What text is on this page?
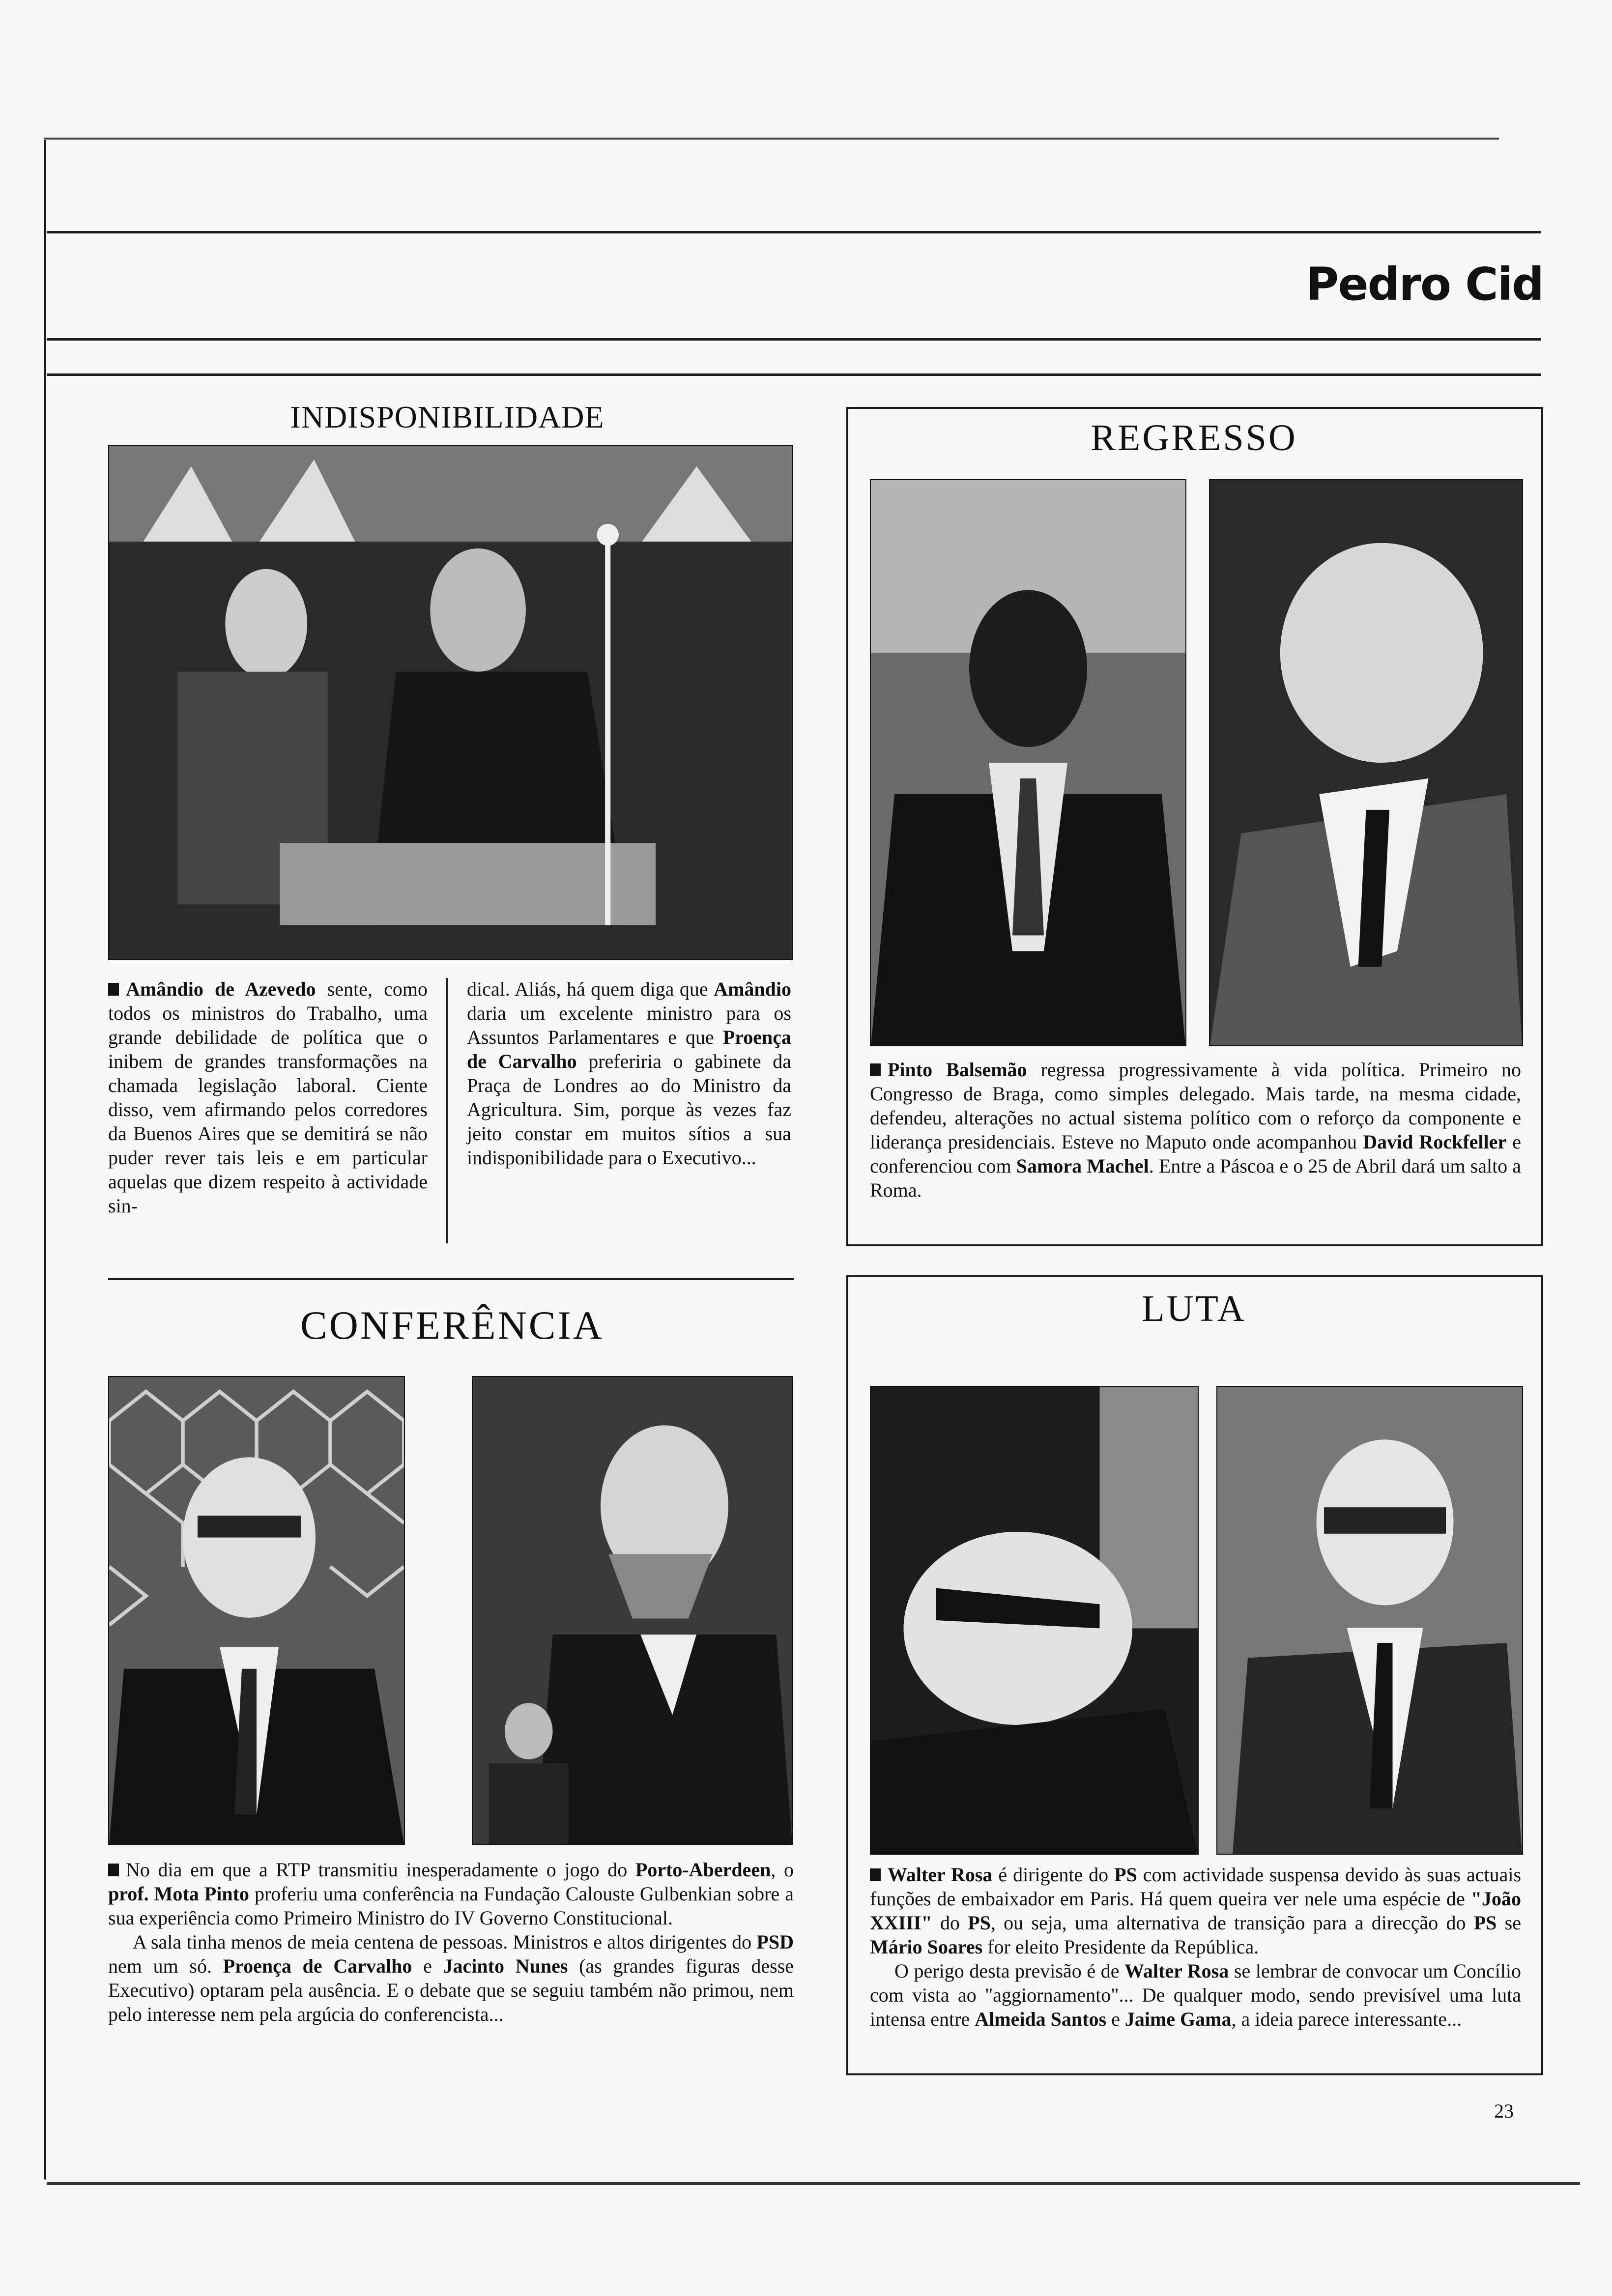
Pedro Cid
INDISPONIBILIDADE

Amândio de Azevedo sente, como todos os ministros do Trabalho, uma grande debilidade de política que o inibem de grandes transformações na chamada legislação laboral. Ciente disso, vem afirmando pelos corredores da Buenos Aires que se demitirá se não puder rever tais leis e em particular aquelas que dizem respeito à actividade sin-

dical. Aliás, há quem diga que Amândio daria um excelente ministro para os Assuntos Parlamentares e que Proença de Carvalho preferiria o gabinete da Praça de Londres ao do Ministro da Agricultura. Sim, porque às vezes faz jeito constar em muitos sítios a sua indisponibilidade para o Executivo...

REGRESSO

Pinto Balsemão regressa progressivamente à vida política. Primeiro no Congresso de Braga, como simples delegado. Mais tarde, na mesma cidade, defendeu, alterações no actual sistema político com o reforço da componente e liderança presidenciais. Esteve no Maputo onde acompanhou David Rockfeller e conferenciou com Samora Machel. Entre a Páscoa e o 25 de Abril dará um salto a Roma.

CONFERÊNCIA

No dia em que a RTP transmitiu inesperadamente o jogo do Porto-Aberdeen, o prof. Mota Pinto proferiu uma conferência na Fundação Calouste Gulbenkian sobre a sua experiência como Primeiro Ministro do IV Governo Constitucional.

A sala tinha menos de meia centena de pessoas. Ministros e altos dirigentes do PSD nem um só. Proença de Carvalho e Jacinto Nunes (as grandes figuras desse Executivo) optaram pela ausência. E o debate que se seguiu também não primou, nem pelo interesse nem pela argúcia do conferencista...

LUTA

Walter Rosa é dirigente do PS com actividade suspensa devido às suas actuais funções de embaixador em Paris. Há quem queira ver nele uma espécie de "João XXIII" do PS, ou seja, uma alternativa de transição para a direcção do PS se Mário Soares for eleito Presidente da República.

O perigo desta previsão é de Walter Rosa se lembrar de convocar um Concílio com vista ao "aggiornamento"... De qualquer modo, sendo previsível uma luta intensa entre Almeida Santos e Jaime Gama, a ideia parece interessante...

23
